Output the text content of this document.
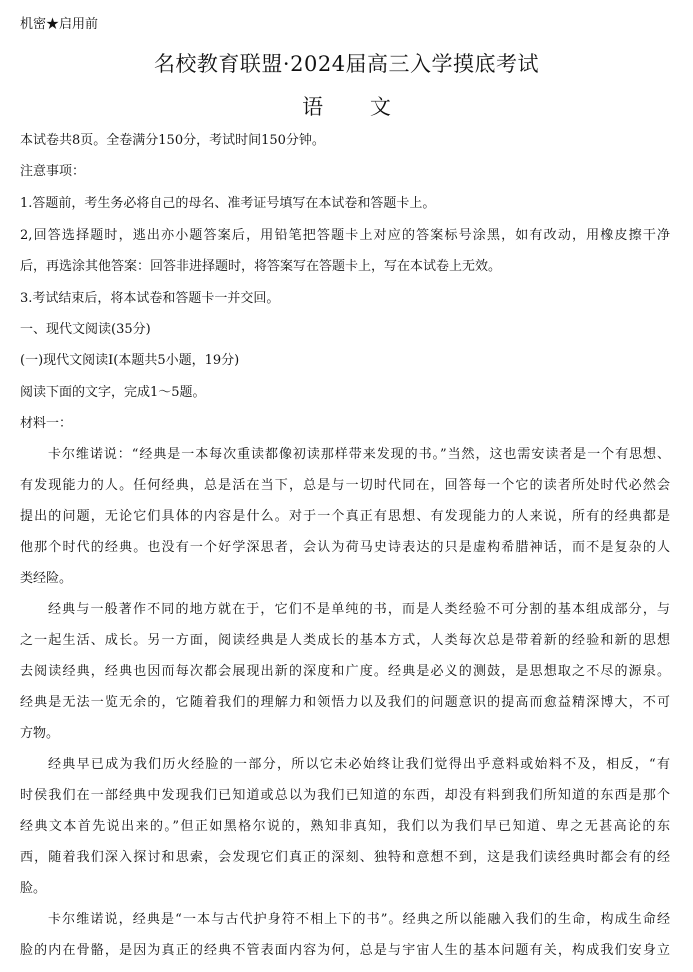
机密★启用前
名校教育联盟·2024届高三入学摸底考试
语 文
本试卷共8页。全卷满分150分，考试时间150分钟。
注意事项：
1.答题前，考生务必将自己的母名、准考证号填写在本试卷和答题卡上。
2,回答选择题时，逃出亦小题答案后，用铅笔把答题卡上对应的答案标号涂黑，如有改动，用橡皮擦干净
后，再选涂其他答案：回答非进择题时，将答案写在答题卡上，写在本试卷上无效。
3.考试结束后，将本试卷和答题卡一并交回。
一、现代文阅读(35分)
(一)现代文阅读I(本题共5小题，19分)
阅读下面的文字，完成1～5题。
材料一：
卡尔维诺说：“经典是一本每次重读都像初读那样带来发现的书。”当然，这也需安读者是一个有思想、
有发现能力的人。任何经典，总是活在当下，总是与一切时代同在，回答每一个它的读者所处时代必然会
提出的问题，无论它们具体的内容是什么。对于一个真正有思想、有发现能力的人来说，所有的经典都是
他那个时代的经典。也没有一个好学深思者，会认为荷马史诗表达的只是虚构希腊神话，而不是复杂的人
类经险。
经典与一般著作不同的地方就在于，它们不是单纯的书，而是人类经验不可分割的基本组成部分，与
之一起生活、成长。另一方面，阅读经典是人类成长的基本方式，人类每次总是带着新的经验和新的思想
去阅读经典，经典也因而每次都会展现出新的深度和广度。经典是必义的测鼓，是思想取之不尽的源泉。
经典是无法一览无余的，它随着我们的理解力和领悟力以及我们的问题意识的提高而愈益精深博大，不可
方物。
经典早已成为我们历火经脸的一部分，所以它未必始终让我们觉得出乎意料或始料不及，相反，“有
时侯我们在一部经典中发现我们已知道或总以为我们已知道的东西，却没有料到我们所知道的东西是那个
经典文本首先说出来的。”但正如黑格尔说的，熟知非真知，我们以为我们早已知道、卑之无甚高论的东
西，随着我们深入探讨和思索，会发现它们真正的深刻、独特和意想不到，这是我们读经典时都会有的经
脸。
卡尔维诺说，经典是“一本与古代护身符不相上下的书”。经典之所以能融入我们的生命，构成生命经
脸的内在骨骼，是因为真正的经典不管表面内容为何，总是与宇宙人生的基本问题有关，构成我们安身立
